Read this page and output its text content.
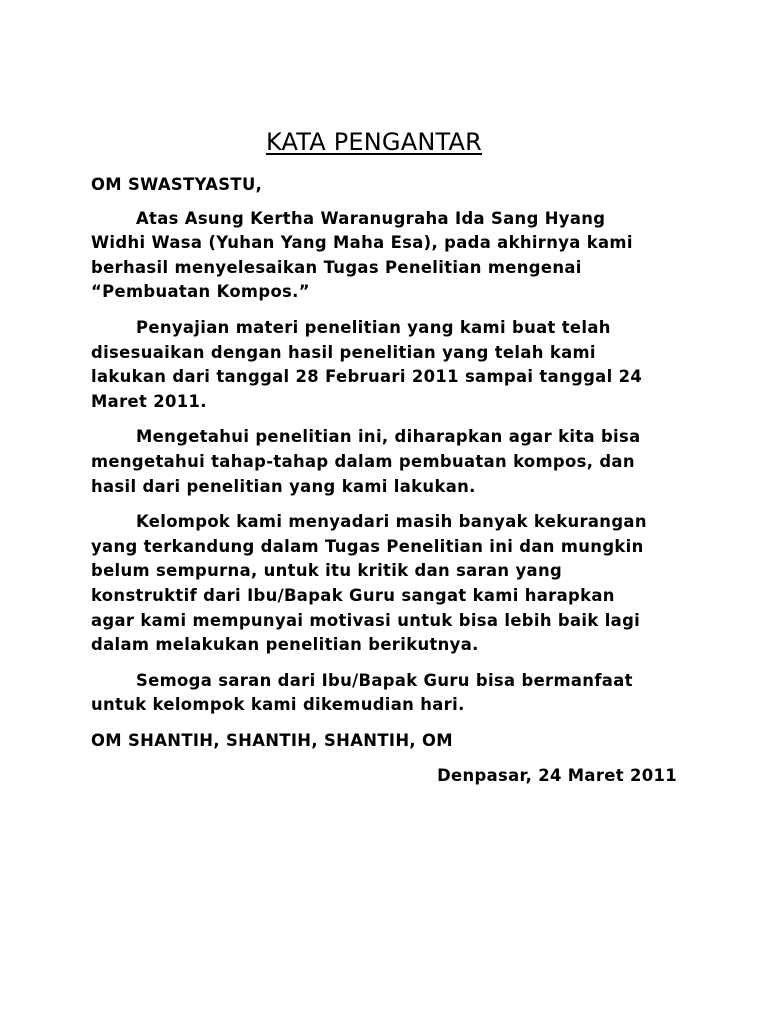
KATA PENGANTAR

OM SWASTYASTU,

Atas Asung Kertha Waranugraha Ida Sang Hyang
Widhi Wasa (Yuhan Yang Maha Esa), pada akhirnya kami
berhasil menyelesaikan Tugas Penelitian mengenai
“Pembuatan Kompos.”

Penyajian materi penelitian yang kami buat telah
disesuaikan dengan hasil penelitian yang telah kami
lakukan dari tanggal 28 Februari 2011 sampai tanggal 24
Maret 2011.

Mengetahui penelitian ini, diharapkan agar kita bisa
mengetahui tahap-tahap dalam pembuatan kompos, dan
hasil dari penelitian yang kami lakukan.

Kelompok kami menyadari masih banyak kekurangan
yang terkandung dalam Tugas Penelitian ini dan mungkin
belum sempurna, untuk itu kritik dan saran yang
konstruktif dari Ibu/Bapak Guru sangat kami harapkan
agar kami mempunyai motivasi untuk bisa lebih baik lagi
dalam melakukan penelitian berikutnya.

Semoga saran dari Ibu/Bapak Guru bisa bermanfaat
untuk kelompok kami dikemudian hari.

OM SHANTIH, SHANTIH, SHANTIH, OM

Denpasar, 24 Maret 2011
